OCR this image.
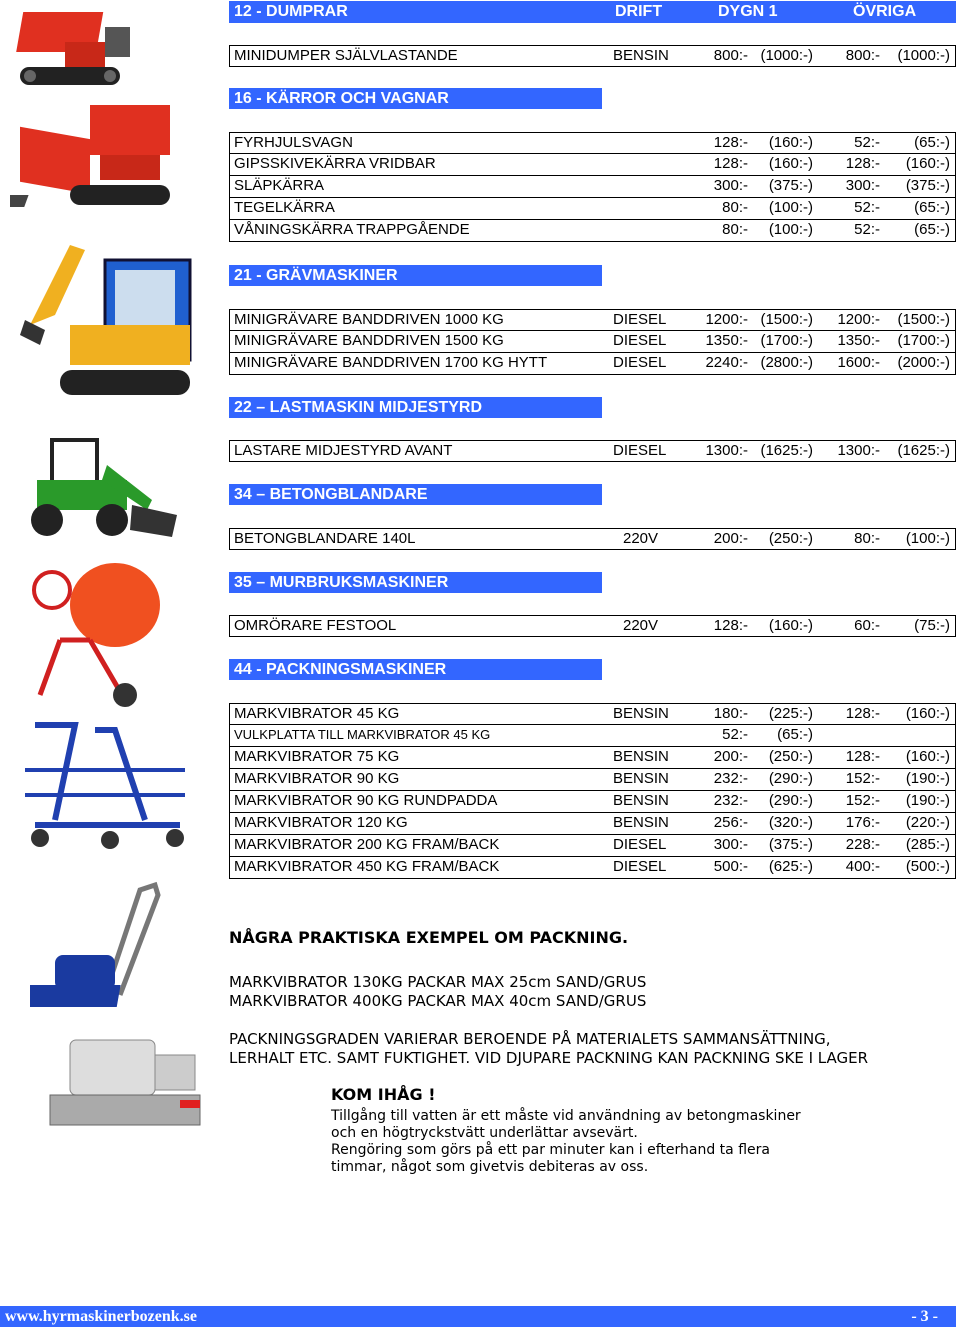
12 - DUMPRAR	DRIFT	DYGN 1	ÖVRIGA
16 - KÄRROR OCH VAGNAR
21 - GRÄVMASKINER
22 – LASTMASKIN MIDJESTYRD
34 – BETONGBLANDARE
35 – MURBRUKSMASKINER
44 - PACKNINGSMASKINER
MINIDUMPER SJÄLVLASTANDE	BENSIN	800:- (1000:-) 800:- (1000:-)
FYRHJULSVAGN	128:- (160:-)	52:- (65:-)
GIPSSKIVEKÄRRA VRIDBAR	128:- (160:-) 128:- (160:-)
SLÄPKÄRRA	300:- (375:-) 300:- (375:-)
TEGELKÄRRA	80:- (100:-)	52:- (65:-)
VÅNINGSKÄRRA TRAPPGÅENDE	80:- (100:-)	52:- (65:-)
MINIGRÄVARE BANDDRIVEN 1000 KG	DIESEL	1200:- (1500:-) 1200:- (1500:-)
MINIGRÄVARE BANDDRIVEN 1500 KG	DIESEL	1350:- (1700:-) 1350:- (1700:-)
MINIGRÄVARE BANDDRIVEN 1700 KG HYTT	DIESEL	2240:- (2800:-) 1600:- (2000:-)
LASTARE MIDJESTYRD AVANT	DIESEL	1300:- (1625:-) 1300:- (1625:-)
BETONGBLANDARE 140L	220V	200:- (250:-)	80:- (100:-)
OMRÖRARE FESTOOL	220V	128:- (160:-)	60:- (75:-)
MARKVIBRATOR 45 KG	BENSIN	180:- (225:-) 128:- (160:-)
VULKPLATTA TILL MARKVIBRATOR 45 KG	52:- (65:-)
MARKVIBRATOR 75 KG	BENSIN	200:- (250:-) 128:- (160:-)
MARKVIBRATOR 90 KG	BENSIN	232:- (290:-) 152:- (190:-)
MARKVIBRATOR 90 KG RUNDPADDA	BENSIN	232:- (290:-) 152:- (190:-)
MARKVIBRATOR 120 KG	BENSIN	256:- (320:-) 176:- (220:-)
MARKVIBRATOR 200 KG FRAM/BACK	DIESEL	300:- (375:-) 228:- (285:-)
MARKVIBRATOR 450 KG FRAM/BACK	DIESEL	500:- (625:-) 400:- (500:-)
NÅGRA PRAKTISKA EXEMPEL OM PACKNING.
MARKVIBRATOR 130KG PACKAR MAX 25cm SAND/GRUS
MARKVIBRATOR 400KG PACKAR MAX 40cm SAND/GRUS
PACKNINGSGRADEN VARIERAR BEROENDE PÅ MATERIALETS SAMMANSÄTTNING,
LERHALT ETC. SAMT FUKTIGHET. VID DJUPARE PACKNING KAN PACKNING SKE I LAGER
KOM IHÅG !
Tillgång till vatten är ett måste vid användning av betongmaskiner
och en högtryckstvätt underlättar avsevärt.
Rengöring som görs på ett par minuter kan i efterhand ta flera
timmar, något som givetvis debiteras av oss.
www.hyrmaskinerbozenk.se	- 3 -
